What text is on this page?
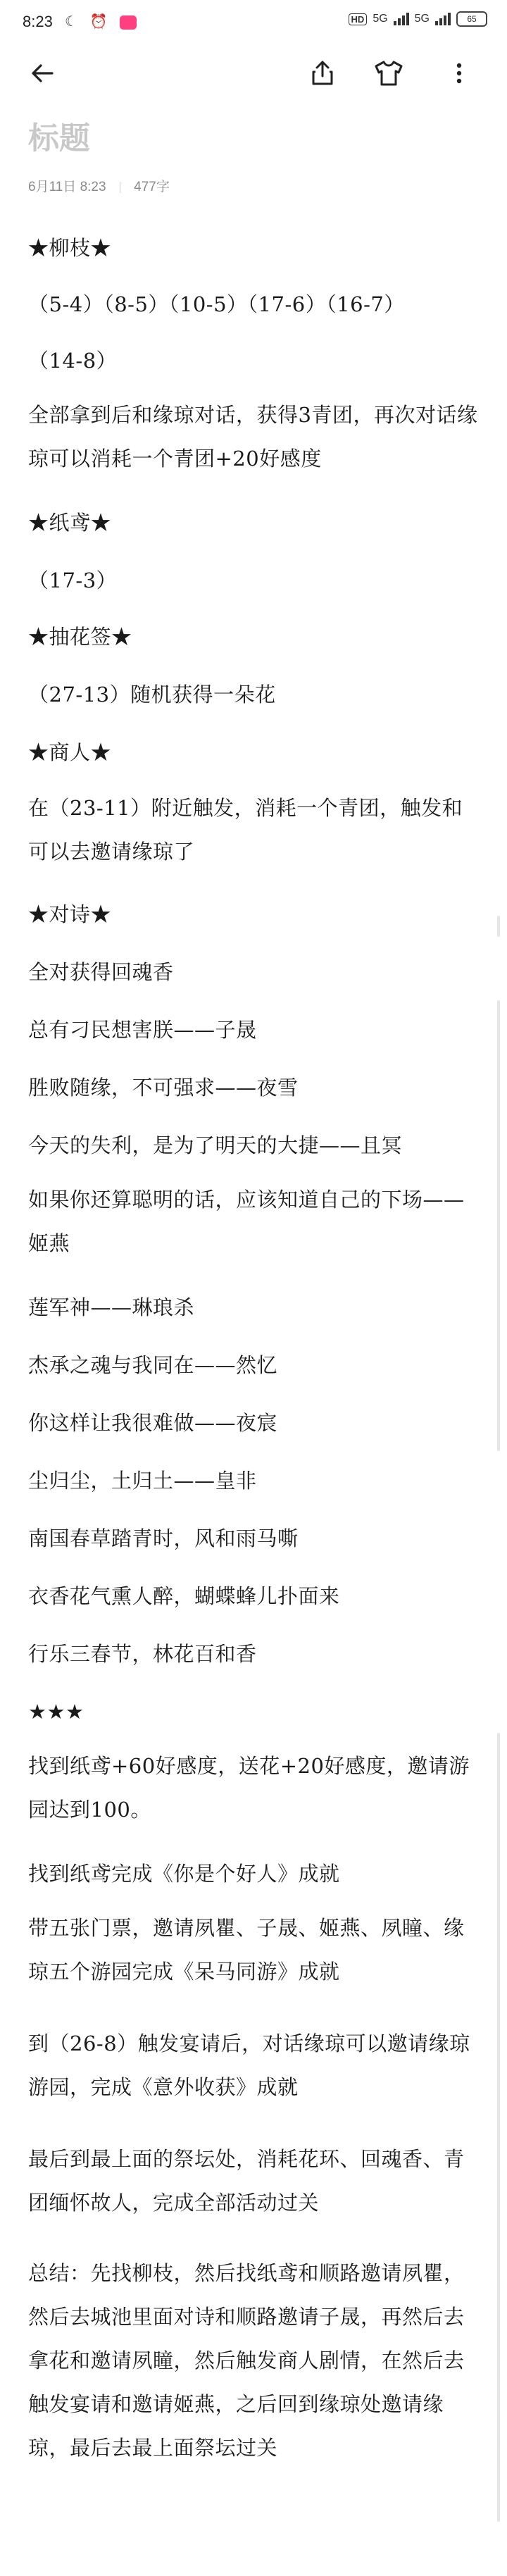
8:23 ☾ ⏰	HD 5G 5G	65
标题
6月11日 8:23 477字
★柳枝★
（5-4）（8-5）（10-5）（17-6）（16-7）
（14-8）
全部拿到后和缘琼对话，获得3青团，再次对话缘琼可以消耗一个青团+20好感度
★纸鸢★
（17-3）
★抽花签★
（27-13）随机获得一朵花
★商人★
在（23-11）附近触发，消耗一个青团，触发和可以去邀请缘琼了
★对诗★
全对获得回魂香
总有刁民想害朕——子晟
胜败随缘，不可强求——夜雪
今天的失利，是为了明天的大捷——且冥
如果你还算聪明的话，应该知道自己的下场——姬燕
莲军神——琳琅杀
杰承之魂与我同在——然忆
你这样让我很难做——夜宸
尘归尘，土归土——皇非
南国春草踏青时，风和雨马嘶
衣香花气熏人醉，蝴蝶蜂儿扑面来
行乐三春节，林花百和香
★★★
找到纸鸢+60好感度，送花+20好感度，邀请游园达到100。
找到纸鸢完成《你是个好人》成就
带五张门票，邀请夙瞿、子晟、姬燕、夙瞳、缘琼五个游园完成《呆马同游》成就
到（26-8）触发宴请后，对话缘琼可以邀请缘琼游园，完成《意外收获》成就
最后到最上面的祭坛处，消耗花环、回魂香、青团缅怀故人，完成全部活动过关
总结：先找柳枝，然后找纸鸢和顺路邀请夙瞿，然后去城池里面对诗和顺路邀请子晟，再然后去拿花和邀请夙瞳，然后触发商人剧情，在然后去触发宴请和邀请姬燕，之后回到缘琼处邀请缘琼，最后去最上面祭坛过关
